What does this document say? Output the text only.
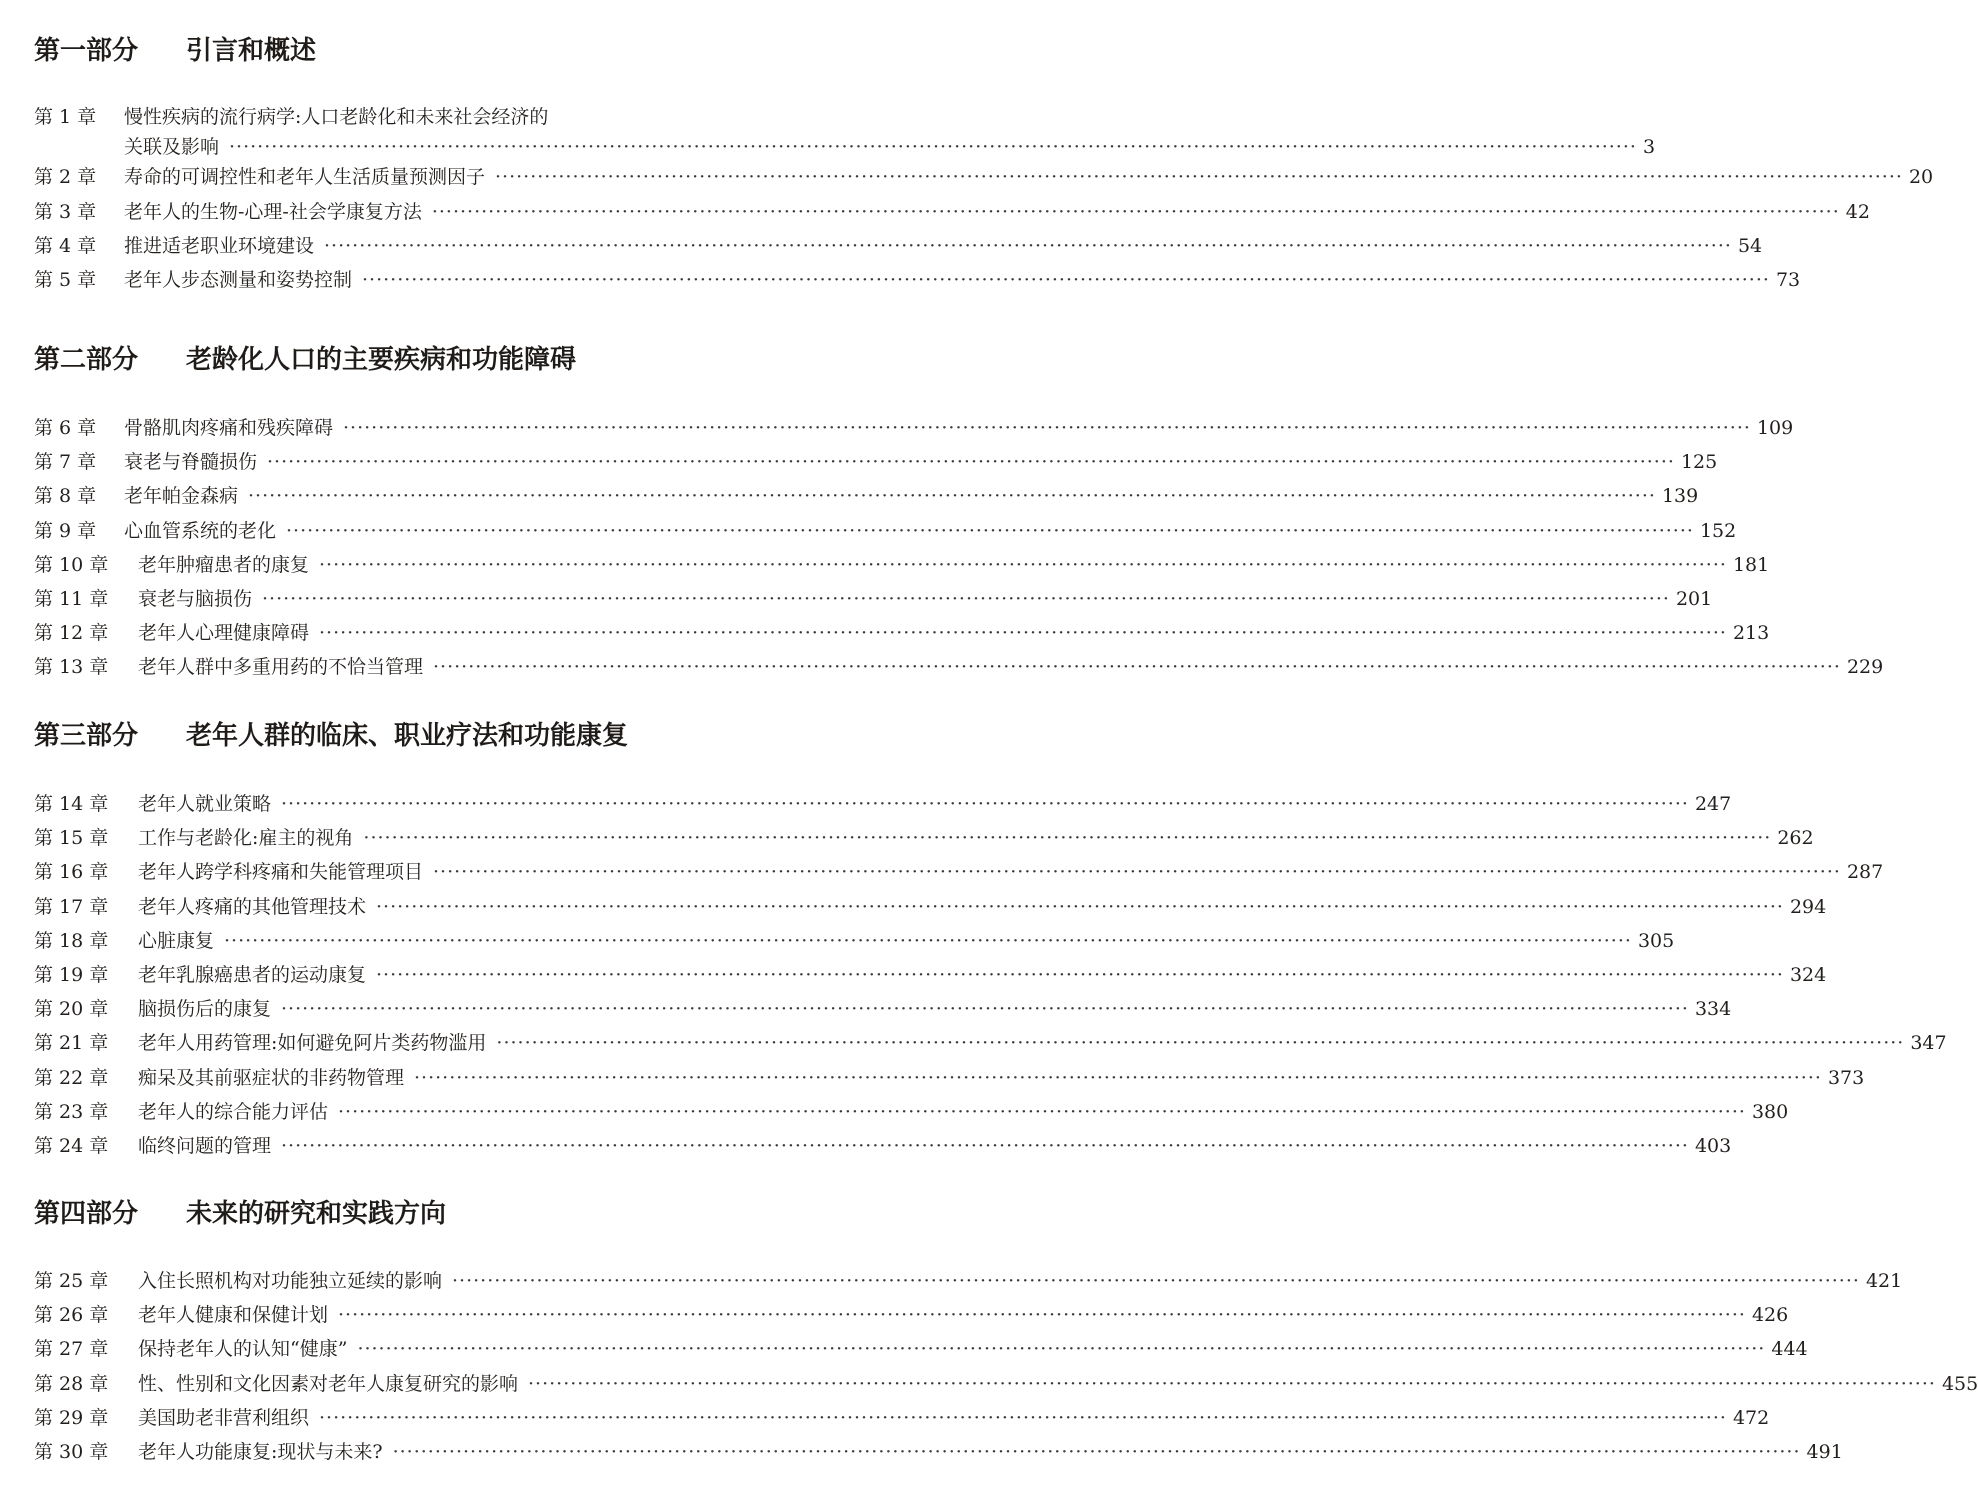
第一部分 引言和概述
第 1 章 慢性疾病的流行病学:人口老龄化和未来社会经济的
关联及影响 ········································································································································································································ 3
第 2 章 寿命的可调控性和老年人生活质量预测因子 ········································································································································································································ 20
第 3 章 老年人的生物-心理-社会学康复方法 ········································································································································································································ 42
第 4 章 推进适老职业环境建设 ········································································································································································································ 54
第 5 章 老年人步态测量和姿势控制 ········································································································································································································ 73
第二部分 老龄化人口的主要疾病和功能障碍
第 6 章 骨骼肌肉疼痛和残疾障碍 ········································································································································································································ 109
第 7 章 衰老与脊髓损伤 ········································································································································································································ 125
第 8 章 老年帕金森病 ········································································································································································································ 139
第 9 章 心血管系统的老化 ········································································································································································································ 152
第 10 章 老年肿瘤患者的康复 ········································································································································································································ 181
第 11 章 衰老与脑损伤 ········································································································································································································ 201
第 12 章 老年人心理健康障碍 ········································································································································································································ 213
第 13 章 老年人群中多重用药的不恰当管理 ········································································································································································································ 229
第三部分 老年人群的临床、职业疗法和功能康复
第 14 章 老年人就业策略 ········································································································································································································ 247
第 15 章 工作与老龄化:雇主的视角 ········································································································································································································ 262
第 16 章 老年人跨学科疼痛和失能管理项目 ········································································································································································································ 287
第 17 章 老年人疼痛的其他管理技术 ········································································································································································································ 294
第 18 章 心脏康复 ········································································································································································································ 305
第 19 章 老年乳腺癌患者的运动康复 ········································································································································································································ 324
第 20 章 脑损伤后的康复 ········································································································································································································ 334
第 21 章 老年人用药管理:如何避免阿片类药物滥用 ········································································································································································································ 347
第 22 章 痴呆及其前驱症状的非药物管理 ········································································································································································································ 373
第 23 章 老年人的综合能力评估 ········································································································································································································ 380
第 24 章 临终问题的管理 ········································································································································································································ 403
第四部分 未来的研究和实践方向
第 25 章 入住长照机构对功能独立延续的影响 ········································································································································································································ 421
第 26 章 老年人健康和保健计划 ········································································································································································································ 426
第 27 章 保持老年人的认知“健康” ········································································································································································································ 444
第 28 章 性、性别和文化因素对老年人康复研究的影响 ········································································································································································································ 455
第 29 章 美国助老非营利组织 ········································································································································································································ 472
第 30 章 老年人功能康复:现状与未来? ········································································································································································································ 491
